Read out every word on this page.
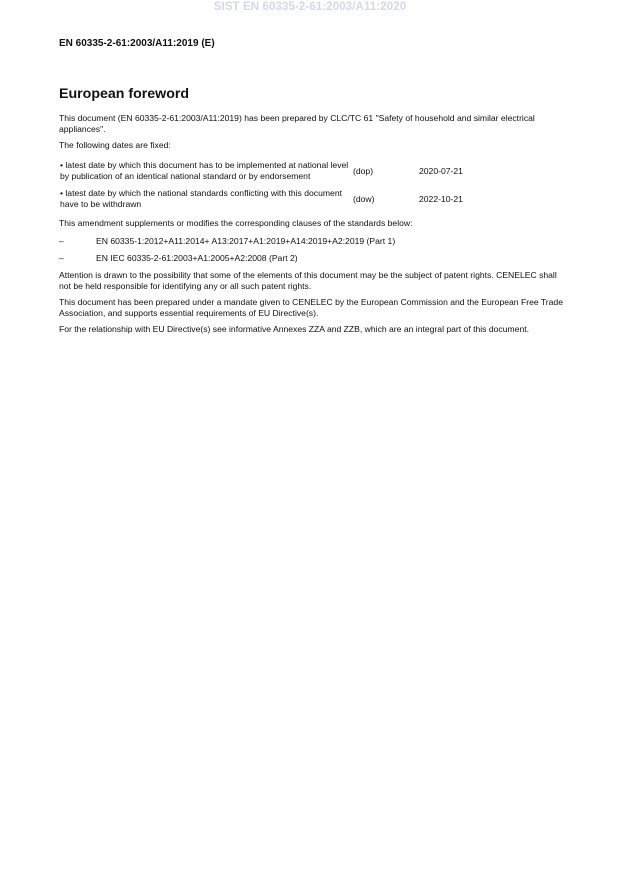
SIST EN 60335-2-61:2003/A11:2020
EN 60335-2-61:2003/A11:2019 (E)
European foreword

This document (EN 60335-2-61:2003/A11:2019) has been prepared by CLC/TC 61 "Safety of household and similar electrical appliances".

The following dates are fixed:

• latest date by which this document has to be implemented at national level by publication of an identical national standard or by endorsement	(dop)	2020-07-21

• latest date by which the national standards conflicting with this document have to be withdrawn	(dow)	2022-10-21

This amendment supplements or modifies the corresponding clauses of the standards below:

–	EN 60335-1:2012+A11:2014+ A13:2017+A1:2019+A14:2019+A2:2019 (Part 1)
–	EN IEC 60335-2-61:2003+A1:2005+A2:2008 (Part 2)

Attention is drawn to the possibility that some of the elements of this document may be the subject of patent rights. CENELEC shall not be held responsible for identifying any or all such patent rights.

This document has been prepared under a mandate given to CENELEC by the European Commission and the European Free Trade Association, and supports essential requirements of EU Directive(s).

For the relationship with EU Directive(s) see informative Annexes ZZA and ZZB, which are an integral part of this document.
